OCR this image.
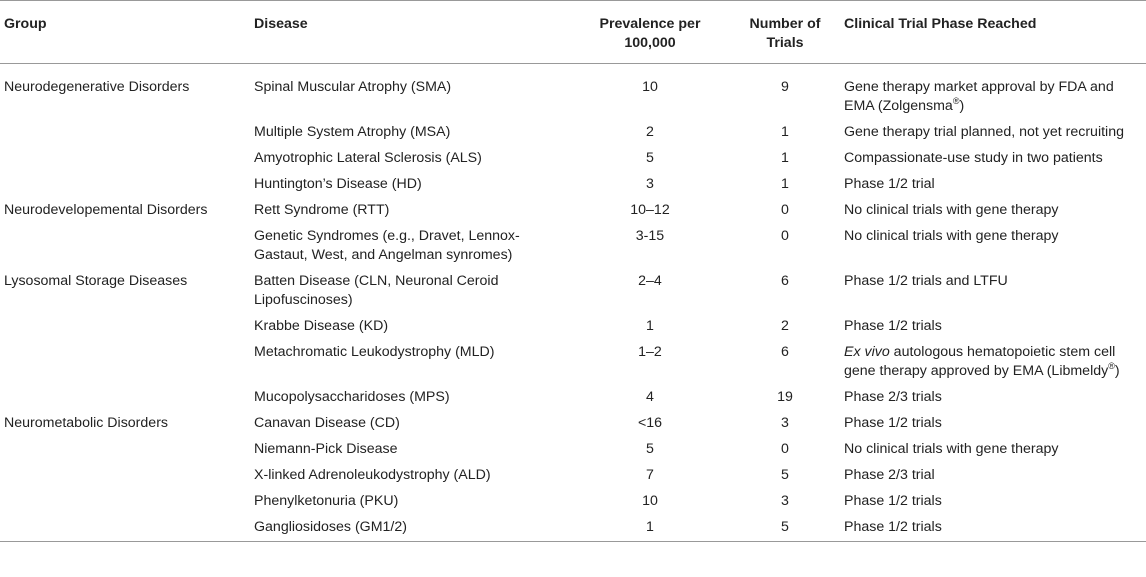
Group	Disease	Prevalence per 100,000	Number of Trials	Clinical Trial Phase Reached
Neurodegenerative Disorders	Spinal Muscular Atrophy (SMA)	10	9	Gene therapy market approval by FDA and EMA (Zolgensma®)
	Multiple System Atrophy (MSA)	2	1	Gene therapy trial planned, not yet recruiting
	Amyotrophic Lateral Sclerosis (ALS)	5	1	Compassionate-use study in two patients
	Huntington’s Disease (HD)	3	1	Phase 1/2 trial
Neurodevelopemental Disorders	Rett Syndrome (RTT)	10–12	0	No clinical trials with gene therapy
	Genetic Syndromes (e.g., Dravet, Lennox-Gastaut, West, and Angelman synromes)	3-15	0	No clinical trials with gene therapy
Lysosomal Storage Diseases	Batten Disease (CLN, Neuronal Ceroid Lipofuscinoses)	2–4	6	Phase 1/2 trials and LTFU
	Krabbe Disease (KD)	1	2	Phase 1/2 trials
	Metachromatic Leukodystrophy (MLD)	1–2	6	Ex vivo autologous hematopoietic stem cell gene therapy approved by EMA (Libmeldy®)
	Mucopolysaccharidoses (MPS)	4	19	Phase 2/3 trials
Neurometabolic Disorders	Canavan Disease (CD)	<16	3	Phase 1/2 trials
	Niemann-Pick Disease	5	0	No clinical trials with gene therapy
	X-linked Adrenoleukodystrophy (ALD)	7	5	Phase 2/3 trial
	Phenylketonuria (PKU)	10	3	Phase 1/2 trials
	Gangliosidoses (GM1/2)	1	5	Phase 1/2 trials
